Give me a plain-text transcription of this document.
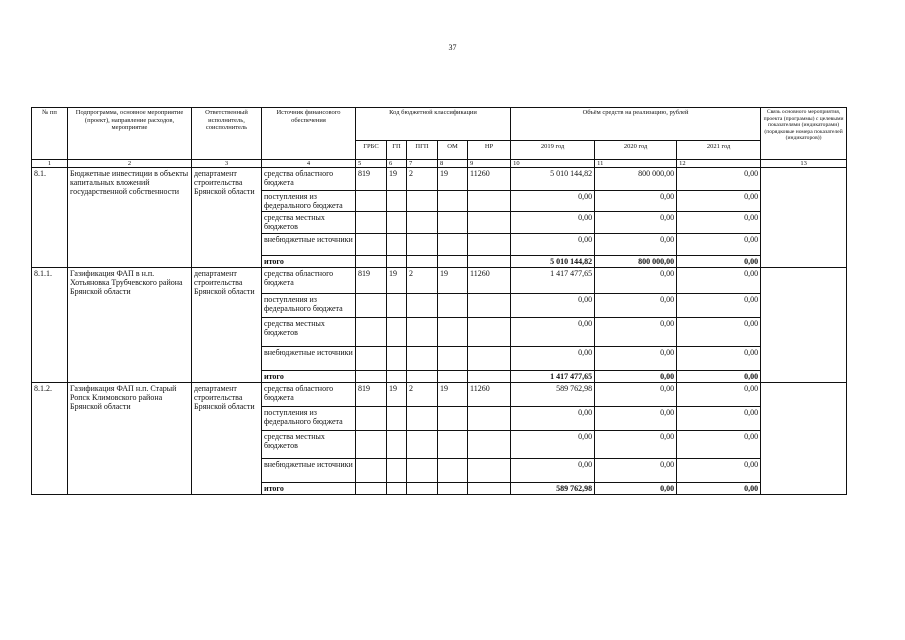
37
№ пп	Подпрограмма, основное мероприятие (проект), направление расходов, мероприятие	Ответственный исполнитель, соисполнитель	Источник финансового обеспечения	Код бюджетной классификации					Объём средств на реализацию, рублей			Связь основного мероприятия, проекта (программы) с целевыми показателями (индикаторами) (порядковые номера показателей (индикаторов))
				ГРБС	ГП	ПГП	ОМ	НР	2019 год	2020 год	2021 год	
1	2	3	4	5	6	7	8	9	10	11	12	13
8.1.	Бюджетные инвестиции в объекты капитальных вложений государственной собственности	департамент строительства Брянской области	средства областного бюджета	819	19	2	19	11260	5 010 144,82	800 000,00	0,00	
			поступления из федерального бюджета						0,00	0,00	0,00	
			средства местных бюджетов						0,00	0,00	0,00	
			внебюджетные источники						0,00	0,00	0,00	
			итого						5 010 144,82	800 000,00	0,00	
8.1.1.	Газификация ФАП в н.п. Хотьяновка Трубчевского района Брянской области	департамент строительства Брянской области	средства областного бюджета	819	19	2	19	11260	1 417 477,65	0,00	0,00	
			поступления из федерального бюджета						0,00	0,00	0,00	
			средства местных бюджетов						0,00	0,00	0,00	
			внебюджетные источники						0,00	0,00	0,00	
			итого						1 417 477,65	0,00	0,00	
8.1.2.	Газификация ФАП н.п. Старый Ропск Климовского района Брянской области	департамент строительства Брянской области	средства областного бюджета	819	19	2	19	11260	589 762,98	0,00	0,00	
			поступления из федерального бюджета						0,00	0,00	0,00	
			средства местных бюджетов						0,00	0,00	0,00	
			внебюджетные источники						0,00	0,00	0,00	
			итого						589 762,98	0,00	0,00	
